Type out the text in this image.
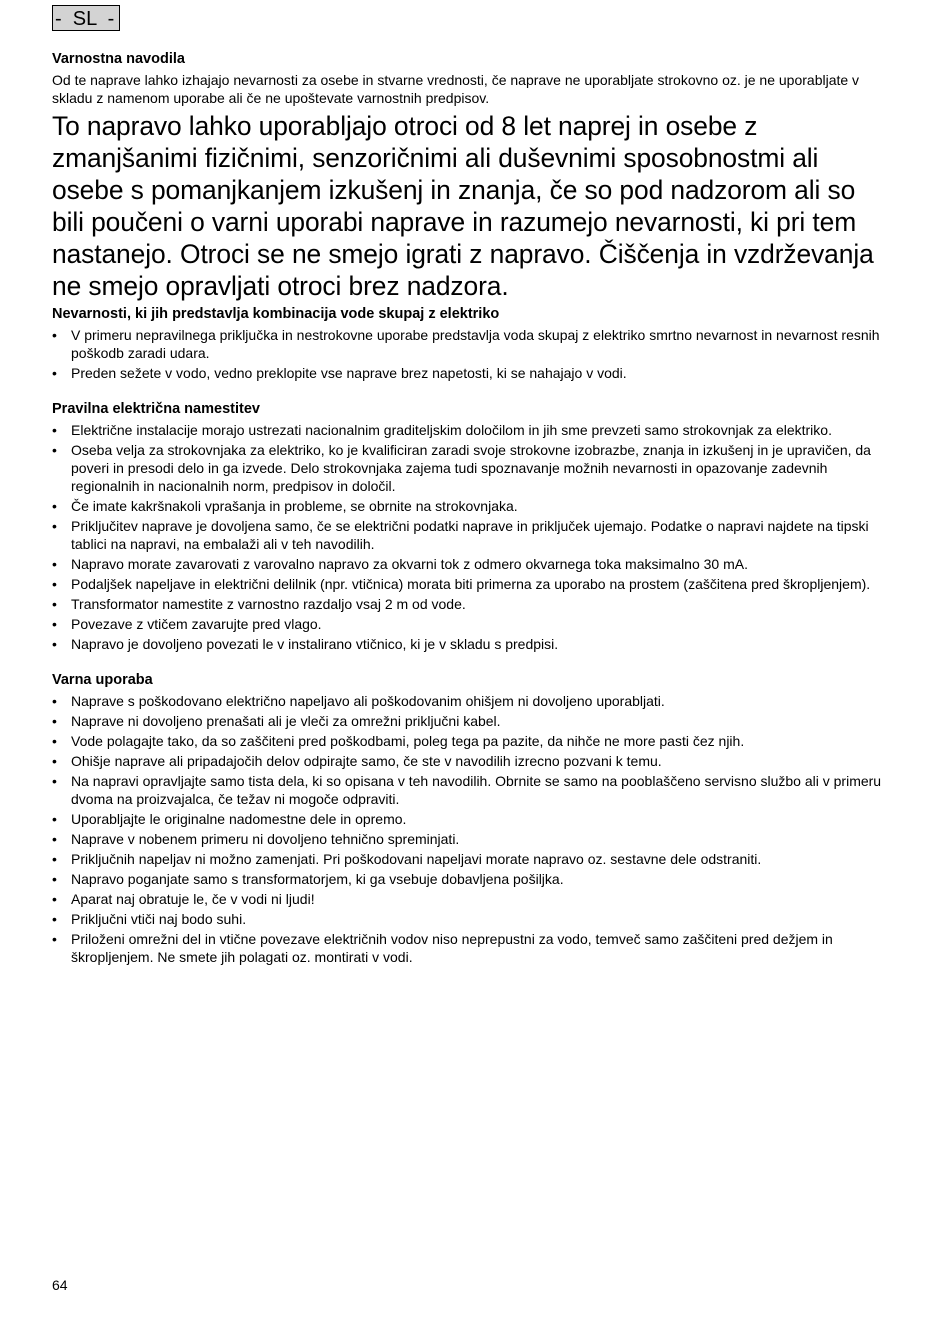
-  SL  -
Varnostna navodila

Od te naprave lahko izhajajo nevarnosti za osebe in stvarne vrednosti, če naprave ne uporabljate strokovno oz. je ne uporabljate v skladu z namenom uporabe ali če ne upoštevate varnostnih predpisov.

To napravo lahko uporabljajo otroci od 8 let naprej in osebe z zmanjšanimi fizičnimi, senzoričnimi ali duševnimi sposobnostmi ali osebe s pomanjkanjem izkušenj in znanja, če so pod nadzorom ali so bili poučeni o varni uporabi naprave in razumejo nevarnosti, ki pri tem nastanejo. Otroci se ne smejo igrati z napravo. Čiščenja in vzdrževanja ne smejo opravljati otroci brez nadzora.

Nevarnosti, ki jih predstavlja kombinacija vode skupaj z elektriko
• V primeru nepravilnega priključka in nestrokovne uporabe predstavlja voda skupaj z elektriko smrtno nevarnost in nevarnost resnih poškodb zaradi udara.
• Preden sežete v vodo, vedno preklopite vse naprave brez napetosti, ki se nahajajo v vodi.
Pravilna električna namestitev
• Električne instalacije morajo ustrezati nacionalnim graditeljskim določilom in jih sme prevzeti samo strokovnjak za elektriko.
• Oseba velja za strokovnjaka za elektriko, ko je kvalificiran zaradi svoje strokovne izobrazbe, znanja in izkušenj in je upravičen, da poveri in presodi delo in ga izvede. Delo strokovnjaka zajema tudi spoznavanje možnih nevarnosti in opazovanje zadevnih regionalnih in nacionalnih norm, predpisov in določil.
• Če imate kakršnakoli vprašanja in probleme, se obrnite na strokovnjaka.
• Priključitev naprave je dovoljena samo, če se električni podatki naprave in priključek ujemajo. Podatke o napravi najdete na tipski tablici na napravi, na embalaži ali v teh navodilih.
• Napravo morate zavarovati z varovalno napravo za okvarni tok z odmero okvarnega toka maksimalno 30 mA.
• Podaljšek napeljave in električni delilnik (npr. vtičnica) morata biti primerna za uporabo na prostem (zaščitena pred škropljenjem).
• Transformator namestite z varnostno razdaljo vsaj 2 m od vode.
• Povezave z vtičem zavarujte pred vlago.
• Napravo je dovoljeno povezati le v instalirano vtičnico, ki je v skladu s predpisi.
Varna uporaba
• Naprave s poškodovano električno napeljavo ali poškodovanim ohišjem ni dovoljeno uporabljati.
• Naprave ni dovoljeno prenašati ali je vleči za omrežni priključni kabel.
• Vode polagajte tako, da so zaščiteni pred poškodbami, poleg tega pa pazite, da nihče ne more pasti čez njih.
• Ohišje naprave ali pripadajočih delov odpirajte samo, če ste v navodilih izrecno pozvani k temu.
• Na napravi opravljajte samo tista dela, ki so opisana v teh navodilih. Obrnite se samo na pooblaščeno servisno službo ali v primeru dvoma na proizvajalca, če težav ni mogoče odpraviti.
• Uporabljajte le originalne nadomestne dele in opremo.
• Naprave v nobenem primeru ni dovoljeno tehnično spreminjati.
• Priključnih napeljav ni možno zamenjati. Pri poškodovani napeljavi morate napravo oz. sestavne dele odstraniti.
• Napravo poganjate samo s transformatorjem, ki ga vsebuje dobavljena pošiljka.
• Aparat naj obratuje le, če v vodi ni ljudi!
• Priključni vtiči naj bodo suhi.
• Priloženi omrežni del in vtične povezave električnih vodov niso neprepustni za vodo, temveč samo zaščiteni pred dežjem in škropljenjem. Ne smete jih polagati oz. montirati v vodi.
64
